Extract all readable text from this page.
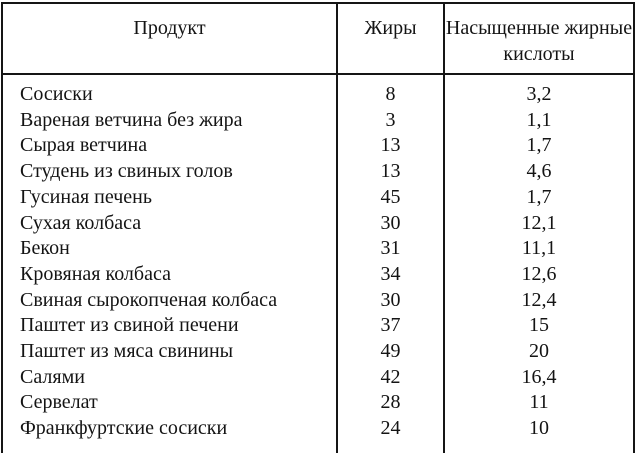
Продукт	Жиры	Насыщенные жирные кислоты
Сосиски	8	3,2
Вареная ветчина без жира	3	1,1
Сырая ветчина	13	1,7
Студень из свиных голов	13	4,6
Гусиная печень	45	1,7
Сухая колбаса	30	12,1
Бекон	31	11,1
Кровяная колбаса	34	12,6
Свиная сырокопченая колбаса	30	12,4
Паштет из свиной печени	37	15
Паштет из мяса свинины	49	20
Салями	42	16,4
Сервелат	28	11
Франкфуртские сосиски	24	10
